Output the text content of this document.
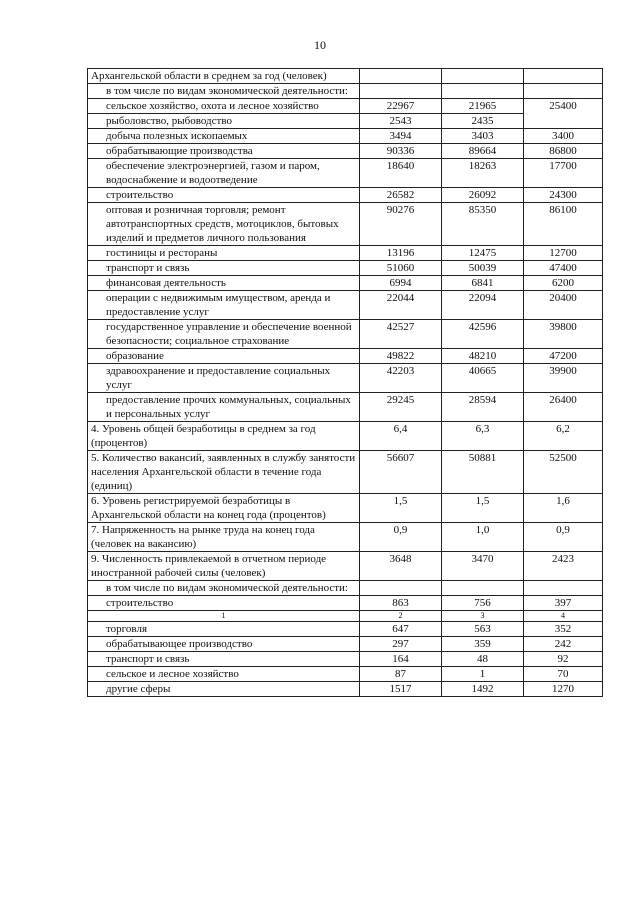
10
Архангельской области в среднем за год (человек)			
в том числе по видам экономической деятельности:			
сельское хозяйство, охота и лесное хозяйство	22967	21965	25400
рыболовство, рыбоводство	2543	2435	
добыча полезных ископаемых	3494	3403	3400
обрабатывающие производства	90336	89664	86800
обеспечение электроэнергией, газом и паром, водоснабжение и водоотведение	18640	18263	17700
строительство	26582	26092	24300
оптовая и розничная торговля; ремонт автотранспортных средств, мотоциклов, бытовых изделий и предметов личного пользования	90276	85350	86100
гостиницы и рестораны	13196	12475	12700
транспорт и связь	51060	50039	47400
финансовая деятельность	6994	6841	6200
операции с недвижимым имуществом, аренда и предоставление услуг	22044	22094	20400
государственное управление и обеспечение военной безопасности; социальное страхование	42527	42596	39800
образование	49822	48210	47200
здравоохранение и предоставление социальных услуг	42203	40665	39900
предоставление прочих коммунальных, социальных и персональных услуг	29245	28594	26400
4. Уровень общей безработицы в среднем за год (процентов)	6,4	6,3	6,2
5. Количество вакансий, заявленных в службу занятости населения Архангельской области в течение года (единиц)	56607	50881	52500
6. Уровень регистрируемой безработицы в Архангельской области на конец года (процентов)	1,5	1,5	1,6
7. Напряженность на рынке труда на конец года (человек на вакансию)	0,9	1,0	0,9
9. Численность привлекаемой в отчетном периоде иностранной рабочей силы (человек)	3648	3470	2423
в том числе по видам экономической деятельности:			
строительство	863	756	397
1	2	3	4
торговля	647	563	352
обрабатывающее производство	297	359	242
транспорт и связь	164	48	92
сельское и лесное хозяйство	87	1	70
другие сферы	1517	1492	1270
